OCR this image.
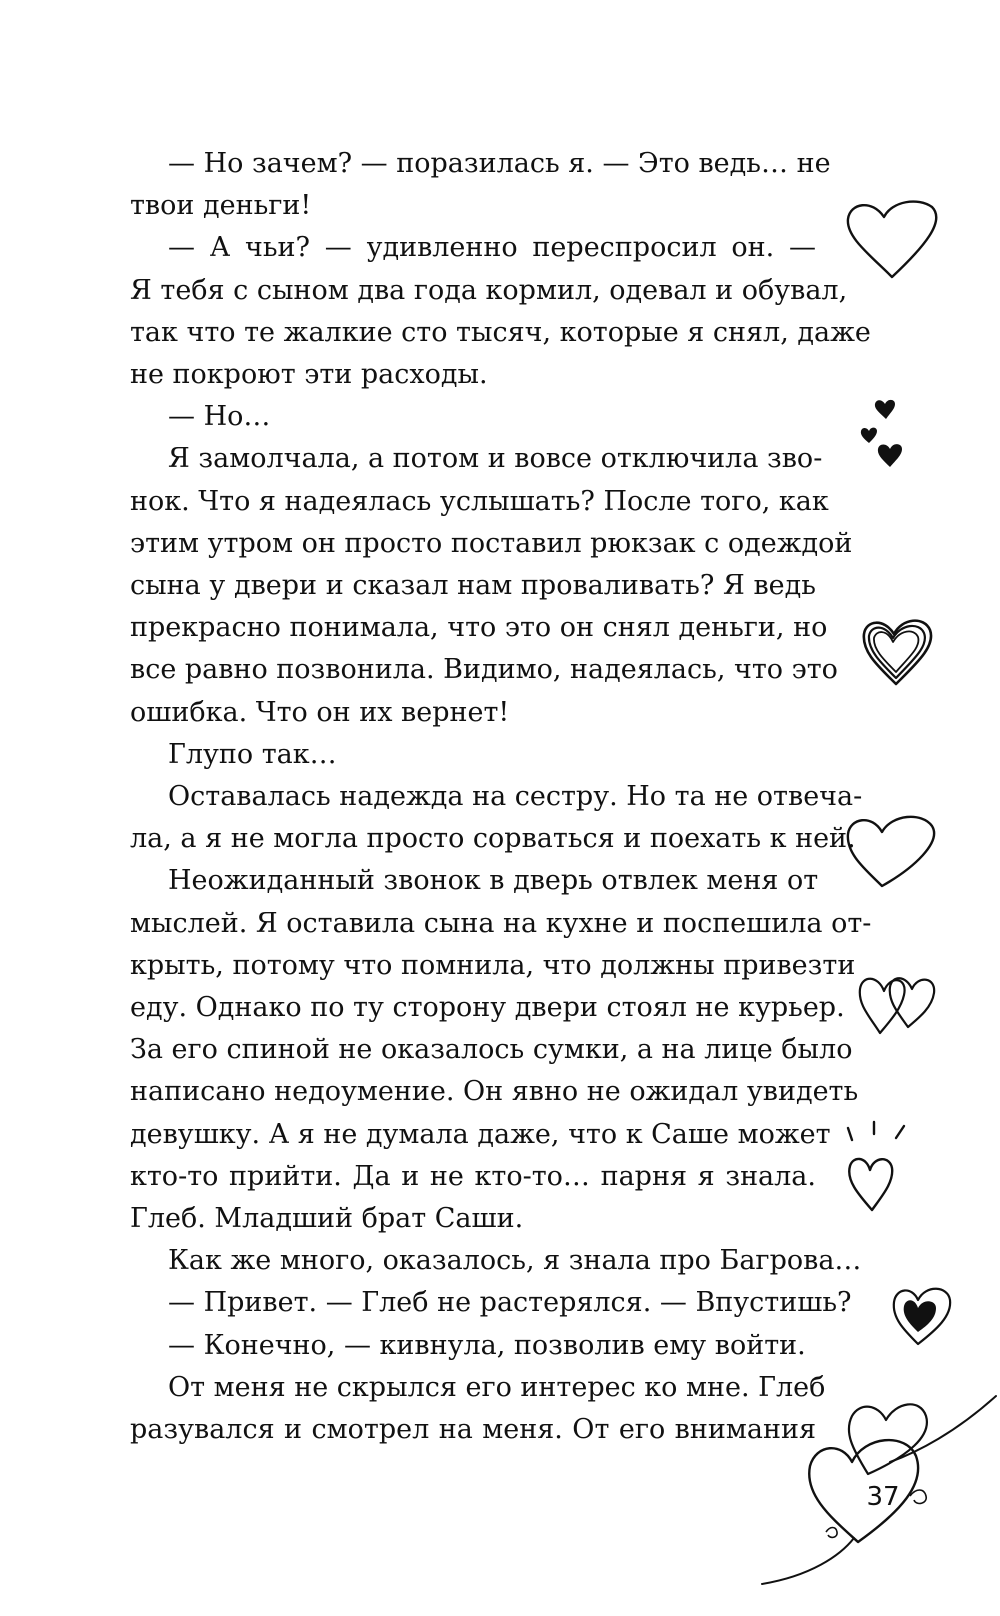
— Но зачем? — поразилась я. — Это ведь… не
твои деньги!
— А чьи? — удивленно переспросил он. —
Я тебя с сыном два года кормил, одевал и обувал,
так что те жалкие сто тысяч, которые я снял, даже
не покроют эти расходы.
— Но…
Я замолчала, а потом и вовсе отключила зво-
нок. Что я надеялась услышать? После того, как
этим утром он просто поставил рюкзак с одеждой
сына у двери и сказал нам проваливать? Я ведь
прекрасно понимала, что это он снял деньги, но
все равно позвонила. Видимо, надеялась, что это
ошибка. Что он их вернет!
Глупо так…
Оставалась надежда на сестру. Но та не отвеча-
ла, а я не могла просто сорваться и поехать к ней.
Неожиданный звонок в дверь отвлек меня от
мыслей. Я оставила сына на кухне и поспешила от-
крыть, потому что помнила, что должны привезти
еду. Однако по ту сторону двери стоял не курьер.
За его спиной не оказалось сумки, а на лице было
написано недоумение. Он явно не ожидал увидеть
девушку. А я не думала даже, что к Саше может
кто-то прийти. Да и не кто-то… парня я знала.
Глеб. Младший брат Саши.
Как же много, оказалось, я знала про Багрова…
— Привет. — Глеб не растерялся. — Впустишь?
— Конечно, — кивнула, позволив ему войти.
От меня не скрылся его интерес ко мне. Глеб
разувался и смотрел на меня. От его внимания
37
